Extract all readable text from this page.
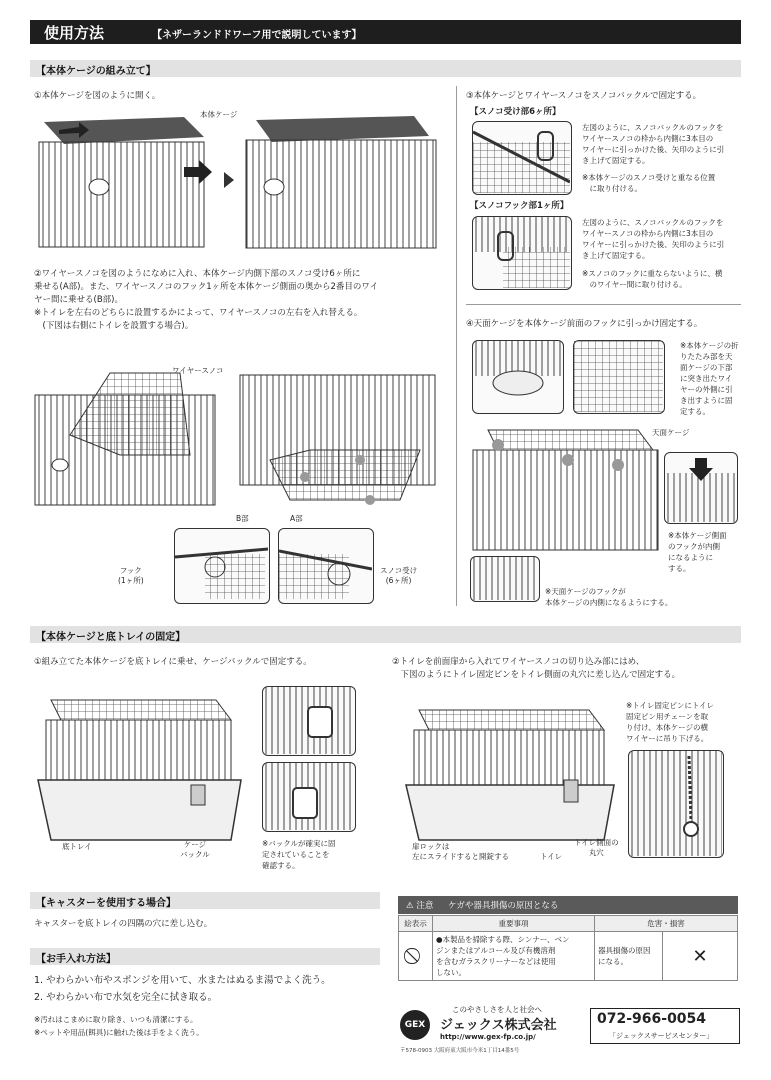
使用方法	【ネザーランドドワーフ用で説明しています】
【本体ケージの組み立て】
①本体ケージを図のように開く。
本体ケージ
②ワイヤースノコを図のようになめに入れ、本体ケージ内側下部のスノコ受け6ヶ所に
乗せる(A部)。また、ワイヤースノコのフック1ヶ所を本体ケージ側面の奥から2番目のワイ
ヤー間に乗せる(B部)。
※トイレを左右のどちらに設置するかによって、ワイヤースノコの左右を入れ替える。
　(下図は右側にトイレを設置する場合)。
ワイヤースノコ
B部	A部
フック
(1ヶ所)
スノコ受け
(6ヶ所)
③本体ケージとワイヤースノコをスノコバックルで固定する。
【スノコ受け部6ヶ所】
左図のように、スノコバックルのフックを
ワイヤースノコの枠から内側に3本目の
ワイヤーに引っかけた後、矢印のように引
き上げて固定する。
※本体ケージのスノコ受けと重なる位置
　に取り付ける。
【スノコフック部1ヶ所】
左図のように、スノコバックルのフックを
ワイヤースノコの枠から内側に3本目の
ワイヤーに引っかけた後、矢印のように引
き上げて固定する。
※スノコのフックに重ならないように、横
　のワイヤー間に取り付ける。
④天面ケージを本体ケージ前面のフックに引っかけ固定する。
※本体ケージの折
りたたみ部を天
面ケージの下部
に突き出たワイ
ヤーの外側に引
き出すように固
定する。
天面ケージ
※本体ケージ側面
のフックが内側
になるように
する。
※天面ケージのフックが
本体ケージの内側になるようにする。
【本体ケージと底トレイの固定】
①組み立てた本体ケージを底トレイに乗せ、ケージバックルで固定する。
底トレイ	ケージ
バックル
※バックルが確実に固
定されていることを
確認する。
②トイレを前面扉から入れてワイヤースノコの切り込み部にはめ、
　下図のようにトイレ固定ピンをトイレ側面の丸穴に差し込んで固定する。
※トイレ固定ピンにトイレ
固定ピン用チェーンを取
り付け、本体ケージの横
ワイヤーに吊り下げる。
扉ロックは
左にスライドすると開錠する	トイレ
トイレ側面の
丸穴
【キャスターを使用する場合】
キャスターを底トレイの四隅の穴に差し込む。
【お手入れ方法】
1. やわらかい布やスポンジを用いて、水またはぬるま湯でよく洗う。
2. やわらかい布で水気を完全に拭き取る。
※汚れはこまめに取り除き、いつも清潔にする。
※ペットや用品(餌具)に触れた後は手をよく洗う。
⚠ 注意 ケガや器具損傷の原因となる
絵表示	重要事項	危害・損害	
	●本製品を掃除する際、シンナー、ベン
ジンまたはアルコール及び有機溶剤
を含むガラスクリーナーなどは使用
しない。	器具損傷の原因
になる。	✕
GEX
このやさしさを人と社会へ
ジェックス株式会社
http://www.gex-fp.co.jp/
〒578-0903 大阪府東大阪市今米1丁目14番5号
072-966-0054
「ジェックスサービスセンター」
